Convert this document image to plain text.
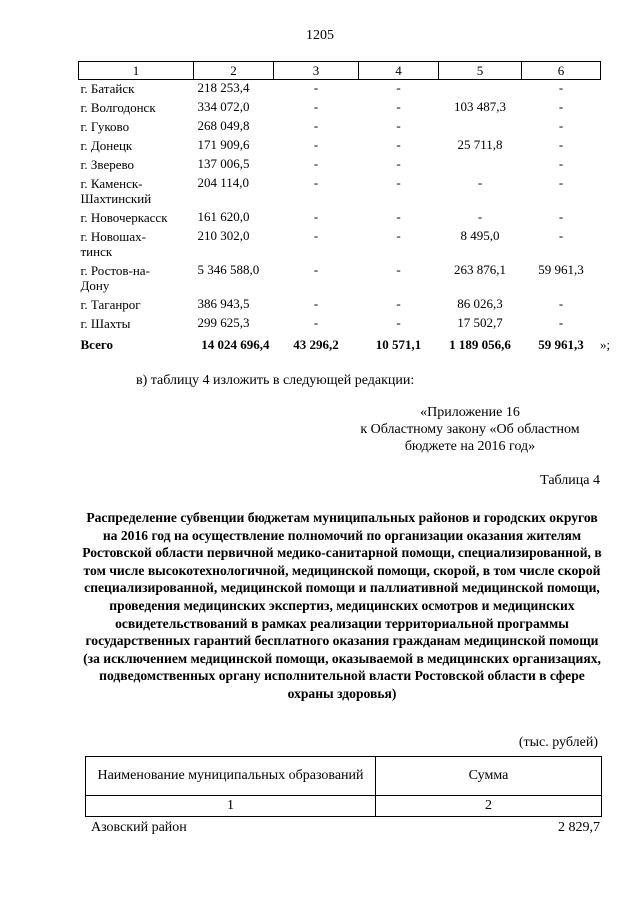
1205
1	2	3	4	5	6
г. Батайск	218 253,4	-	-		-
г. Волгодонск	334 072,0	-	-	103 487,3	-
г. Гуково	268 049,8	-	-		-
г. Донецк	171 909,6	-	-	25 711,8	-
г. Зверево	137 006,5	-	-		-
г. Каменск-
Шахтинский	204 114,0	-	-	-	-
г. Новочеркасск	161 620,0	-	-	-	-
г. Новошах-
тинск	210 302,0	-	-	8 495,0	-
г. Ростов-на-
Дону	5 346 588,0	-	-	263 876,1	59 961,3
г. Таганрог	386 943,5	-	-	86 026,3	-
г. Шахты	299 625,3	-	-	17 502,7	-
Всего	14 024 696,4	43 296,2	10 571,1	1 189 056,6	59 961,3 »;
в) таблицу 4 изложить в следующей редакции:
«Приложение 16
к Областному закону «Об областном
бюджете на 2016 год»
Таблица 4
Распределение субвенции бюджетам муниципальных районов и городских округов на 2016 год на осуществление полномочий по организации оказания жителям Ростовской области первичной медико-санитарной помощи, специализированной, в том числе высокотехнологичной, медицинской помощи, скорой, в том числе скорой специализированной, медицинской помощи и паллиативной медицинской помощи, проведения медицинских экспертиз, медицинских осмотров и медицинских освидетельствований в рамках реализации территориальной программы государственных гарантий бесплатного оказания гражданам медицинской помощи (за исключением медицинской помощи, оказываемой в медицинских организациях, подведомственных органу исполнительной власти Ростовской области в сфере охраны здоровья)
(тыс. рублей)
Наименование муниципальных образований	Сумма
1	2
Азовский район	2 829,7
